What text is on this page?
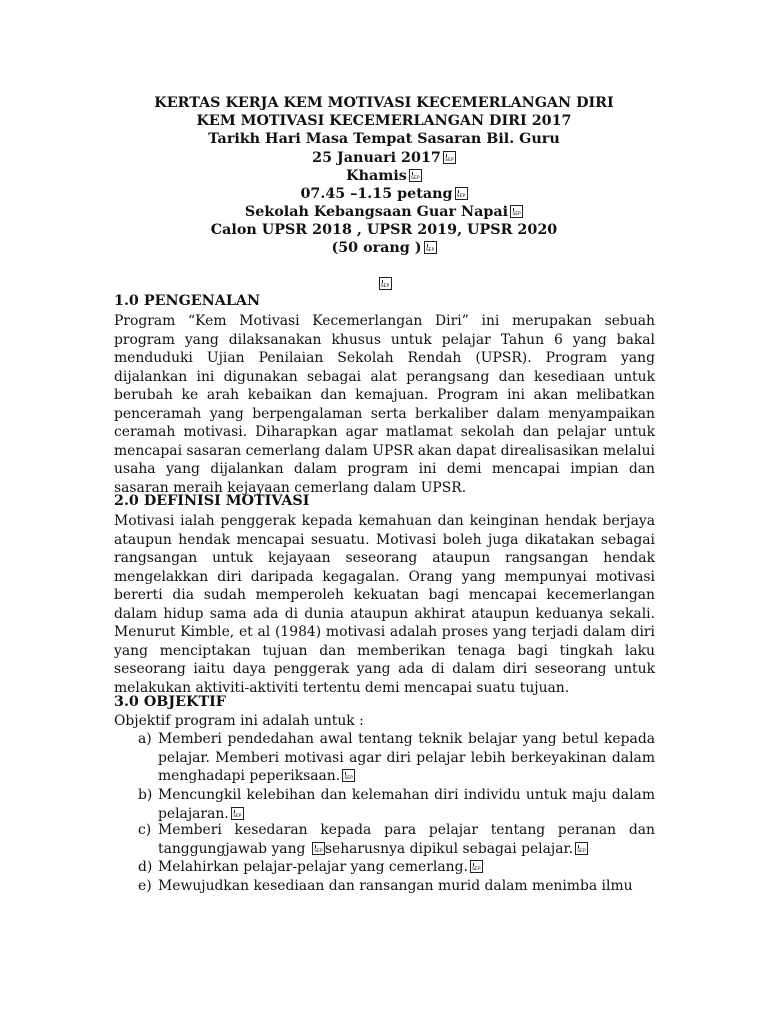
KERTAS KERJA KEM MOTIVASI KECEMERLANGAN DIRI
KEM MOTIVASI KECEMERLANGAN DIRI 2017
Tarikh Hari Masa Tempat Sasaran Bil. Guru
25 Januari 2017SEP
KhamisSEP
07.45 –1.15 petangSEP
Sekolah Kebangsaan Guar NapaiSEP
Calon UPSR 2018 , UPSR 2019, UPSR 2020
(50 orang )SEP
SEP
1.0 PENGENALAN

Program “Kem Motivasi Kecemerlangan Diri” ini merupakan sebuah program yang dilaksanakan khusus untuk pelajar Tahun 6 yang bakal menduduki Ujian Penilaian Sekolah Rendah (UPSR). Program yang dijalankan ini digunakan sebagai alat perangsang dan kesediaan untuk berubah ke arah kebaikan dan kemajuan. Program ini akan melibatkan penceramah yang berpengalaman serta berkaliber dalam menyampaikan ceramah motivasi. Diharapkan agar matlamat sekolah dan pelajar untuk mencapai sasaran cemerlang dalam UPSR akan dapat direalisasikan melalui usaha yang dijalankan dalam program ini demi mencapai impian dan sasaran meraih kejayaan cemerlang dalam UPSR.

2.0 DEFINISI MOTIVASI

Motivasi ialah penggerak kepada kemahuan dan keinginan hendak berjaya ataupun hendak mencapai sesuatu. Motivasi boleh juga dikatakan sebagai rangsangan untuk kejayaan seseorang ataupun rangsangan hendak mengelakkan diri daripada kegagalan. Orang yang mempunyai motivasi bererti dia sudah memperoleh kekuatan bagi mencapai kecemerlangan dalam hidup sama ada di dunia ataupun akhirat ataupun keduanya sekali. Menurut Kimble, et al (1984) motivasi adalah proses yang terjadi dalam diri yang menciptakan tujuan dan memberikan tenaga bagi tingkah laku seseorang iaitu daya penggerak yang ada di dalam diri seseorang untuk melakukan aktiviti-aktiviti tertentu demi mencapai suatu tujuan.

3.0 OBJEKTIF
Objektif program ini adalah untuk :
a) Memberi pendedahan awal tentang teknik belajar yang betul kepada pelajar. Memberi motivasi agar diri pelajar lebih berkeyakinan dalam menghadapi peperiksaan.SEP
b) Mencungkil kelebihan dan kelemahan diri individu untuk maju dalam pelajaran.SEP
c) Memberi kesedaran kepada para pelajar tentang peranan dan tanggungjawab yang SEP seharusnya dipikul sebagai pelajar.SEP
d) Melahirkan pelajar-pelajar yang cemerlang.SEP
e) Mewujudkan kesediaan dan ransangan murid dalam menimba ilmu
